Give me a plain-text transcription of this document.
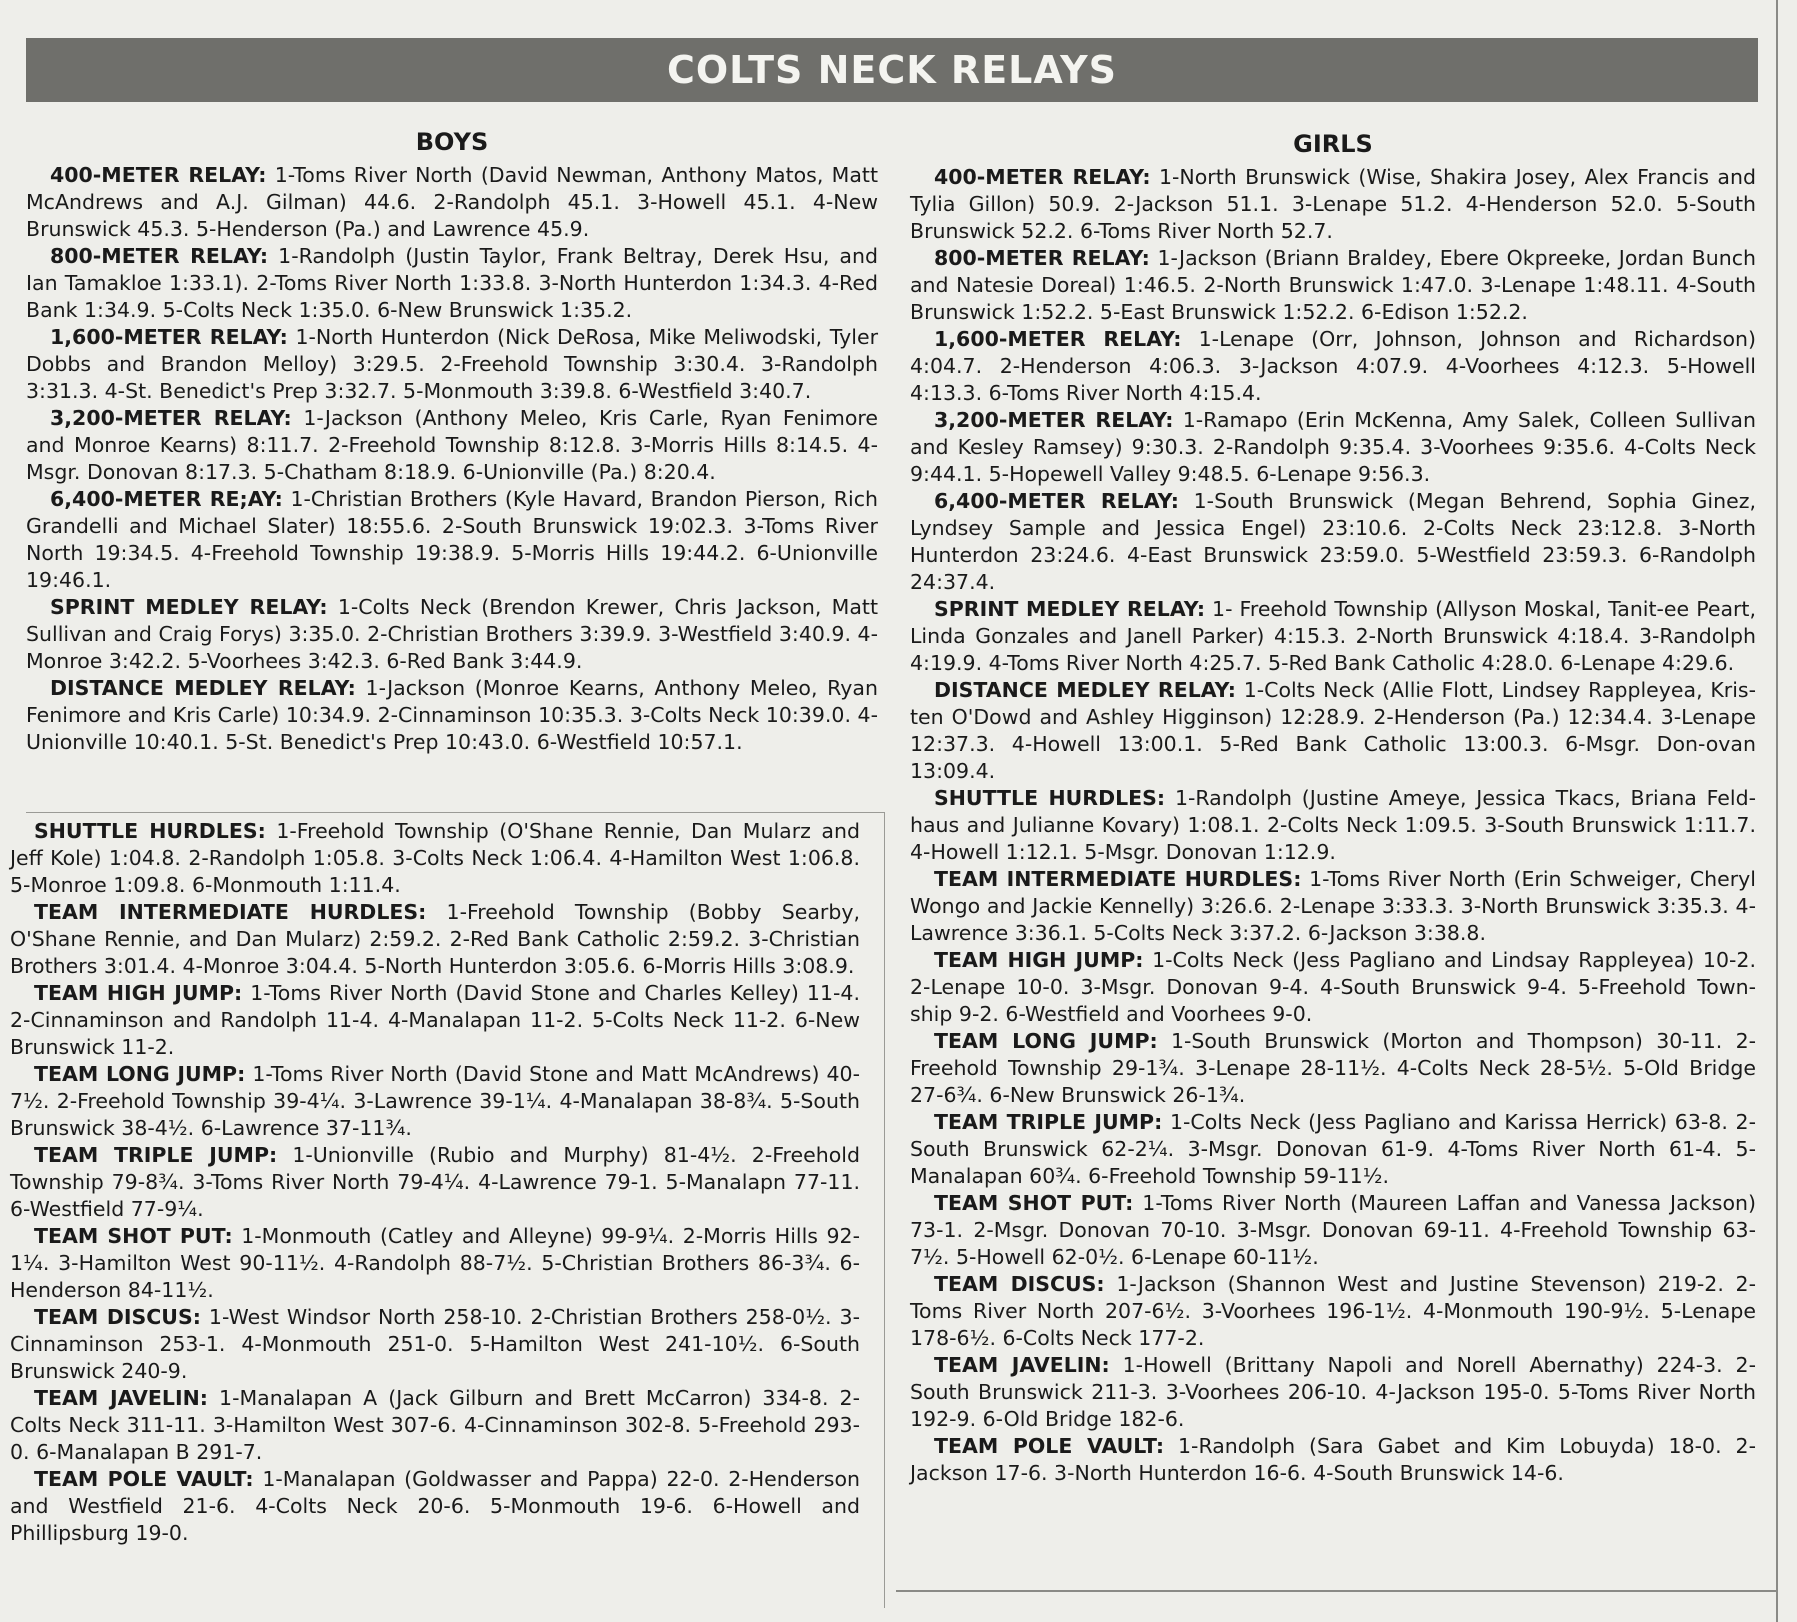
COLTS NECK RELAYS
BOYS

400-METER RELAY: 1-Toms River North (David Newman, Anthony Matos, Matt McAndrews and A.J. Gilman) 44.6. 2-Randolph 45.1. 3-Howell 45.1. 4-New Brunswick 45.3. 5-Henderson (Pa.) and Lawrence 45.9.

800-METER RELAY: 1-Randolph (Justin Taylor, Frank Beltray, Derek Hsu, and Ian Tamakloe 1:33.1). 2-Toms River North 1:33.8. 3-North Hunterdon 1:34.3. 4-Red Bank 1:34.9. 5-Colts Neck 1:35.0. 6-New Brunswick 1:35.2.

1,600-METER RELAY: 1-North Hunterdon (Nick DeRosa, Mike Meliwodski, Tyler Dobbs and Brandon Melloy) 3:29.5. 2-Freehold Township 3:30.4. 3-Randolph 3:31.3. 4-St. Benedict's Prep 3:32.7. 5-Monmouth 3:39.8. 6-Westfield 3:40.7.

3,200-METER RELAY: 1-Jackson (Anthony Meleo, Kris Carle, Ryan Fenimore and Monroe Kearns) 8:11.7. 2-Freehold Township 8:12.8. 3-Morris Hills 8:14.5. 4-Msgr. Donovan 8:17.3. 5-Chatham 8:18.9. 6-Unionville (Pa.) 8:20.4.

6,400-METER RE;AY: 1-Christian Brothers (Kyle Havard, Brandon Pierson, Rich Grandelli and Michael Slater) 18:55.6. 2-South Brunswick 19:02.3. 3-Toms River North 19:34.5. 4-Freehold Township 19:38.9. 5-Morris Hills 19:44.2. 6-Unionville 19:46.1.

SPRINT MEDLEY RELAY: 1-Colts Neck (Brendon Krewer, Chris Jackson, Matt Sullivan and Craig Forys) 3:35.0. 2-Christian Brothers 3:39.9. 3-Westfield 3:40.9. 4-Monroe 3:42.2. 5-Voorhees 3:42.3. 6-Red Bank 3:44.9.

DISTANCE MEDLEY RELAY: 1-Jackson (Monroe Kearns, Anthony Meleo, Ryan Fenimore and Kris Carle) 10:34.9. 2-Cinnaminson 10:35.3. 3-Colts Neck 10:39.0. 4-Unionville 10:40.1. 5-St. Benedict's Prep 10:43.0. 6-Westfield 10:57.1.

SHUTTLE HURDLES: 1-Freehold Township (O'Shane Rennie, Dan Mularz and Jeff Kole) 1:04.8. 2-Randolph 1:05.8. 3-Colts Neck 1:06.4. 4-Hamilton West 1:06.8. 5-Monroe 1:09.8. 6-Monmouth 1:11.4.

TEAM INTERMEDIATE HURDLES: 1-Freehold Township (Bobby Searby, O'Shane Rennie, and Dan Mularz) 2:59.2. 2-Red Bank Catholic 2:59.2. 3-Christian Brothers 3:01.4. 4-Monroe 3:04.4. 5-North Hunterdon 3:05.6. 6-Morris Hills 3:08.9.

TEAM HIGH JUMP: 1-Toms River North (David Stone and Charles Kelley) 11-4. 2-Cinnaminson and Randolph 11-4. 4-Manalapan 11-2. 5-Colts Neck 11-2. 6-New Brunswick 11-2.

TEAM LONG JUMP: 1-Toms River North (David Stone and Matt McAndrews) 40-7½. 2-Freehold Township 39-4¼. 3-Lawrence 39-1¼. 4-Manalapan 38-8¾. 5-South Brunswick 38-4½. 6-Lawrence 37-11¾.

TEAM TRIPLE JUMP: 1-Unionville (Rubio and Murphy) 81-4½. 2-Freehold Township 79-8¾. 3-Toms River North 79-4¼. 4-Lawrence 79-1. 5-Manalapn 77-11. 6-Westfield 77-9¼.

TEAM SHOT PUT: 1-Monmouth (Catley and Alleyne) 99-9¼. 2-Morris Hills 92-1¼. 3-Hamilton West 90-11½. 4-Randolph 88-7½. 5-Christian Brothers 86-3¾. 6-Henderson 84-11½.

TEAM DISCUS: 1-West Windsor North 258-10. 2-Christian Brothers 258-0½. 3-Cinnaminson 253-1. 4-Monmouth 251-0. 5-Hamilton West 241-10½. 6-South Brunswick 240-9.

TEAM JAVELIN: 1-Manalapan A (Jack Gilburn and Brett McCarron) 334-8. 2-Colts Neck 311-11. 3-Hamilton West 307-6. 4-Cinnaminson 302-8. 5-Freehold 293-0. 6-Manalapan B 291-7.

TEAM POLE VAULT: 1-Manalapan (Goldwasser and Pappa) 22-0. 2-Henderson and Westfield 21-6. 4-Colts Neck 20-6. 5-Monmouth 19-6. 6-Howell and Phillipsburg 19-0.

GIRLS

400-METER RELAY: 1-North Brunswick (Wise, Shakira Josey, Alex Francis and Tylia Gillon) 50.9. 2-Jackson 51.1. 3-Lenape 51.2. 4-Henderson 52.0. 5-South Brunswick 52.2. 6-Toms River North 52.7.

800-METER RELAY: 1-Jackson (Briann Braldey, Ebere Okpreeke, Jordan Bunch and Natesie Doreal) 1:46.5. 2-North Brunswick 1:47.0. 3-Lenape 1:48.11. 4-South Brunswick 1:52.2. 5-East Brunswick 1:52.2. 6-Edison 1:52.2.

1,600-METER RELAY: 1-Lenape (Orr, Johnson, Johnson and Richardson) 4:04.7. 2-Henderson 4:06.3. 3-Jackson 4:07.9. 4-Voorhees 4:12.3. 5-Howell 4:13.3. 6-Toms River North 4:15.4.

3,200-METER RELAY: 1-Ramapo (Erin McKenna, Amy Salek, Colleen Sullivan and Kesley Ramsey) 9:30.3. 2-Randolph 9:35.4. 3-Voorhees 9:35.6. 4-Colts Neck 9:44.1. 5-Hopewell Valley 9:48.5. 6-Lenape 9:56.3.

6,400-METER RELAY: 1-South Brunswick (Megan Behrend, Sophia Ginez, Lyndsey Sample and Jessica Engel) 23:10.6. 2-Colts Neck 23:12.8. 3-North Hunterdon 23:24.6. 4-East Brunswick 23:59.0. 5-Westfield 23:59.3. 6-Randolph 24:37.4.

SPRINT MEDLEY RELAY: 1- Freehold Township (Allyson Moskal, Tanit-ee Peart, Linda Gonzales and Janell Parker) 4:15.3. 2-North Brunswick 4:18.4. 3-Randolph 4:19.9. 4-Toms River North 4:25.7. 5-Red Bank Catholic 4:28.0. 6-Lenape 4:29.6.

DISTANCE MEDLEY RELAY: 1-Colts Neck (Allie Flott, Lindsey Rappleyea, Kris-ten O'Dowd and Ashley Higginson) 12:28.9. 2-Henderson (Pa.) 12:34.4. 3-Lenape 12:37.3. 4-Howell 13:00.1. 5-Red Bank Catholic 13:00.3. 6-Msgr. Don-ovan 13:09.4.

SHUTTLE HURDLES: 1-Randolph (Justine Ameye, Jessica Tkacs, Briana Feld-haus and Julianne Kovary) 1:08.1. 2-Colts Neck 1:09.5. 3-South Brunswick 1:11.7. 4-Howell 1:12.1. 5-Msgr. Donovan 1:12.9.

TEAM INTERMEDIATE HURDLES: 1-Toms River North (Erin Schweiger, Cheryl Wongo and Jackie Kennelly) 3:26.6. 2-Lenape 3:33.3. 3-North Brunswick 3:35.3. 4-Lawrence 3:36.1. 5-Colts Neck 3:37.2. 6-Jackson 3:38.8.

TEAM HIGH JUMP: 1-Colts Neck (Jess Pagliano and Lindsay Rappleyea) 10-2. 2-Lenape 10-0. 3-Msgr. Donovan 9-4. 4-South Brunswick 9-4. 5-Freehold Town-ship 9-2. 6-Westfield and Voorhees 9-0.

TEAM LONG JUMP: 1-South Brunswick (Morton and Thompson) 30-11. 2-Freehold Township 29-1¾. 3-Lenape 28-11½. 4-Colts Neck 28-5½. 5-Old Bridge 27-6¾. 6-New Brunswick 26-1¾.

TEAM TRIPLE JUMP: 1-Colts Neck (Jess Pagliano and Karissa Herrick) 63-8. 2-South Brunswick 62-2¼. 3-Msgr. Donovan 61-9. 4-Toms River North 61-4. 5-Manalapan 60¾. 6-Freehold Township 59-11½.

TEAM SHOT PUT: 1-Toms River North (Maureen Laffan and Vanessa Jackson) 73-1. 2-Msgr. Donovan 70-10. 3-Msgr. Donovan 69-11. 4-Freehold Township 63-7½. 5-Howell 62-0½. 6-Lenape 60-11½.

TEAM DISCUS: 1-Jackson (Shannon West and Justine Stevenson) 219-2. 2-Toms River North 207-6½. 3-Voorhees 196-1½. 4-Monmouth 190-9½. 5-Lenape 178-6½. 6-Colts Neck 177-2.

TEAM JAVELIN: 1-Howell (Brittany Napoli and Norell Abernathy) 224-3. 2-South Brunswick 211-3. 3-Voorhees 206-10. 4-Jackson 195-0. 5-Toms River North 192-9. 6-Old Bridge 182-6.

TEAM POLE VAULT: 1-Randolph (Sara Gabet and Kim Lobuyda) 18-0. 2-Jackson 17-6. 3-North Hunterdon 16-6. 4-South Brunswick 14-6.
